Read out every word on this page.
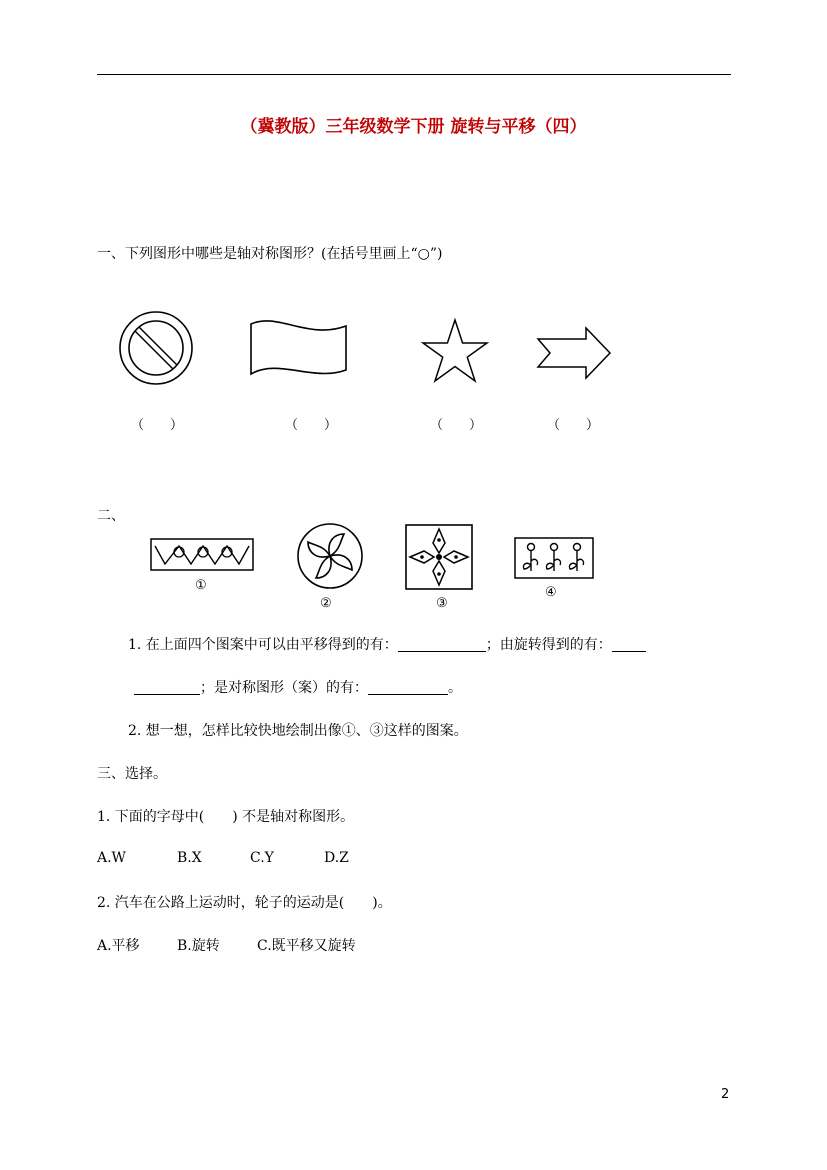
（冀教版）三年级数学下册 旋转与平移（四）
一、下列图形中哪些是轴对称图形？(在括号里画上“○”)
（　　）	（　　）	（　　）	（　　）
二、
①
②	③
④
1. 在上面四个图案中可以由平移得到的有：	；由旋转得到的有：
；是对称图形（案）的有：	。
2. 想一想，怎样比较快地绘制出像①、③这样的图案。
三、选择。
1. 下面的字母中(　　) 不是轴对称图形。
A.W	B.X	C.Y	D.Z
2. 汽车在公路上运动时，轮子的运动是(　　)。
A.平移	B.旋转	C.既平移又旋转
2
